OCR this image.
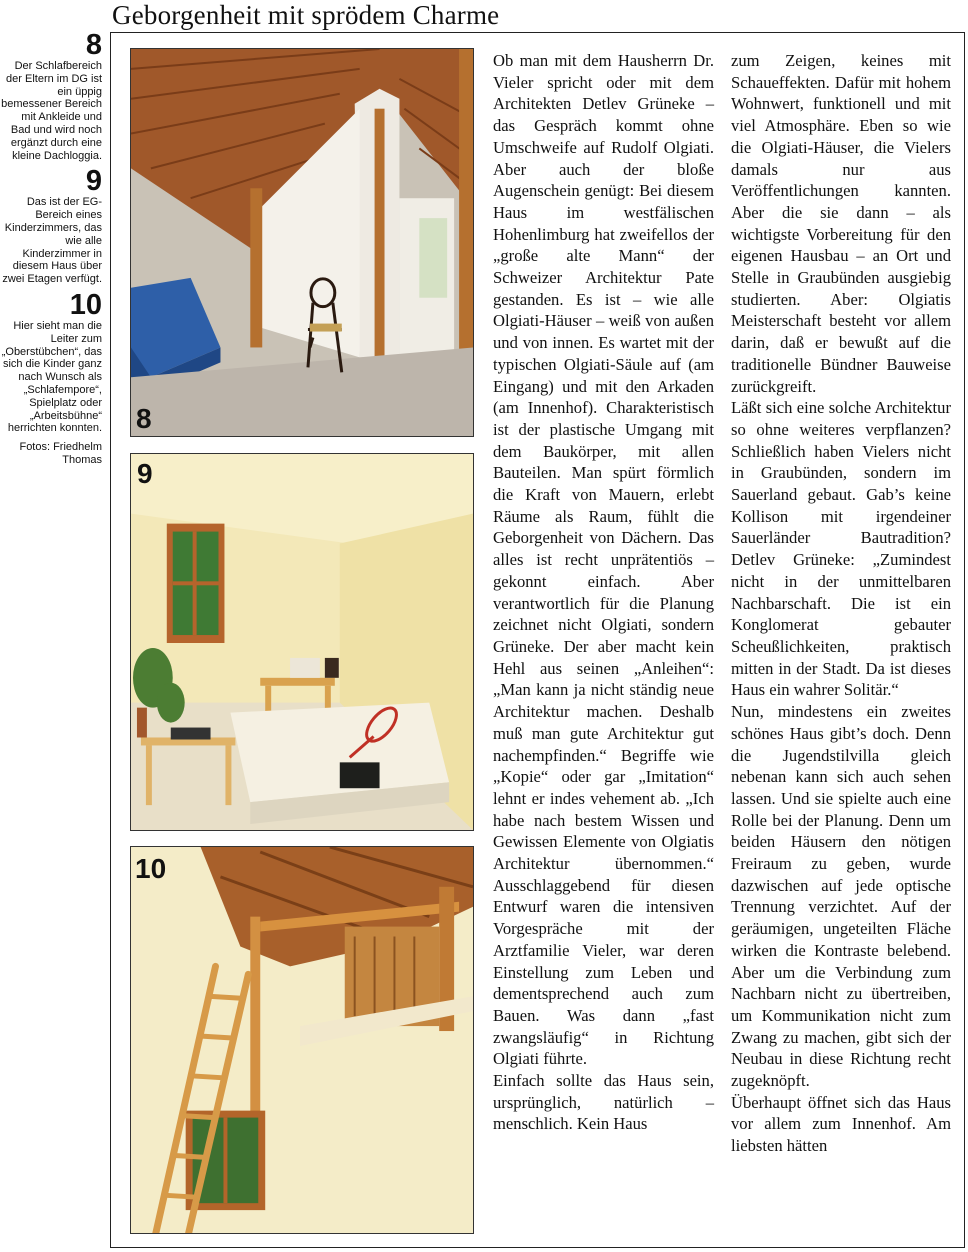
Geborgenheit mit sprödem Charme
8
Der Schlafbereich der Eltern im DG ist ein üppig bemessener Bereich mit Ankleide und Bad und wird noch ergänzt durch eine kleine Dachloggia.
9
Das ist der EG-Bereich eines Kinderzimmers, das wie alle Kinderzimmer in diesem Haus über zwei Etagen verfügt.
10
Hier sieht man die Leiter zum „Oberstübchen“, das sich die Kinder ganz nach Wunsch als „Schlafempore“, Spielplatz oder „Arbeitsbühne“ herrichten konnten.
Fotos: Friedhelm Thomas
8
9
10

Ob man mit dem Hausherrn Dr. Vieler spricht oder mit dem Architekten Detlev Grüneke – das Gespräch kommt ohne Umschweife auf Rudolf Olgiati. Aber auch der bloße Augenschein genügt: Bei diesem Haus im westfälischen Hohenlimburg hat zweifellos der „große alte Mann“ der Schweizer Architektur Pate gestanden. Es ist – wie alle Olgiati-Häuser – weiß von außen und von innen. Es wartet mit der typischen Olgiati-Säule auf (am Eingang) und mit den Arkaden (am Innenhof). Charakteristisch ist der plastische Umgang mit dem Baukörper, mit allen Bauteilen. Man spürt förmlich die Kraft von Mauern, erlebt Räume als Raum, fühlt die Geborgenheit von Dächern. Das alles ist recht unprätentiös – gekonnt einfach. Aber verantwortlich für die Planung zeichnet nicht Olgiati, sondern Grüneke. Der aber macht kein Hehl aus seinen „Anleihen“: „Man kann ja nicht ständig neue Architektur machen. Deshalb muß man gute Architektur gut nachempfinden.“ Begriffe wie „Kopie“ oder gar „Imitation“ lehnt er indes vehement ab. „Ich habe nach bestem Wissen und Gewissen Elemente von Olgiatis Architektur übernommen.“ Ausschlaggebend für diesen Entwurf waren die intensiven Vorgespräche mit der Arztfamilie Vieler, war deren Einstellung zum Leben und dementsprechend auch zum Bauen. Was dann „fast zwangsläufig“ in Richtung Olgiati führte.

Einfach sollte das Haus sein, ursprünglich, natürlich – menschlich. Kein Haus

zum Zeigen, keines mit Schaueffekten. Dafür mit hohem Wohnwert, funktionell und mit viel Atmosphäre. Eben so wie die Olgiati-Häuser, die Vielers damals nur aus Veröffentlichungen kannten. Aber die sie dann – als wichtigste Vorbereitung für den eigenen Hausbau – an Ort und Stelle in Graubünden ausgiebig studierten. Aber: Olgiatis Meisterschaft besteht vor allem darin, daß er bewußt auf die traditionelle Bündner Bauweise zurückgreift.

Läßt sich eine solche Architektur so ohne weiteres verpflanzen? Schließlich haben Vielers nicht in Graubünden, sondern im Sauerland gebaut. Gab’s keine Kollison mit irgendeiner Sauerländer Bautradition? Detlev Grüneke: „Zumindest nicht in der unmittelbaren Nachbarschaft. Die ist ein Konglomerat gebauter Scheußlichkeiten, praktisch mitten in der Stadt. Da ist dieses Haus ein wahrer Solitär.“

Nun, mindestens ein zweites schönes Haus gibt’s doch. Denn die Jugendstilvilla gleich nebenan kann sich auch sehen lassen. Und sie spielte auch eine Rolle bei der Planung. Denn um beiden Häusern den nötigen Freiraum zu geben, wurde dazwischen auf jede optische Trennung verzichtet. Auf der geräumigen, ungeteilten Fläche wirken die Kontraste belebend. Aber um die Verbindung zum Nachbarn nicht zu übertreiben, um Kommunikation nicht zum Zwang zu machen, gibt sich der Neubau in diese Richtung recht zugeknöpft.

Überhaupt öffnet sich das Haus vor allem zum Innenhof. Am liebsten hätten
